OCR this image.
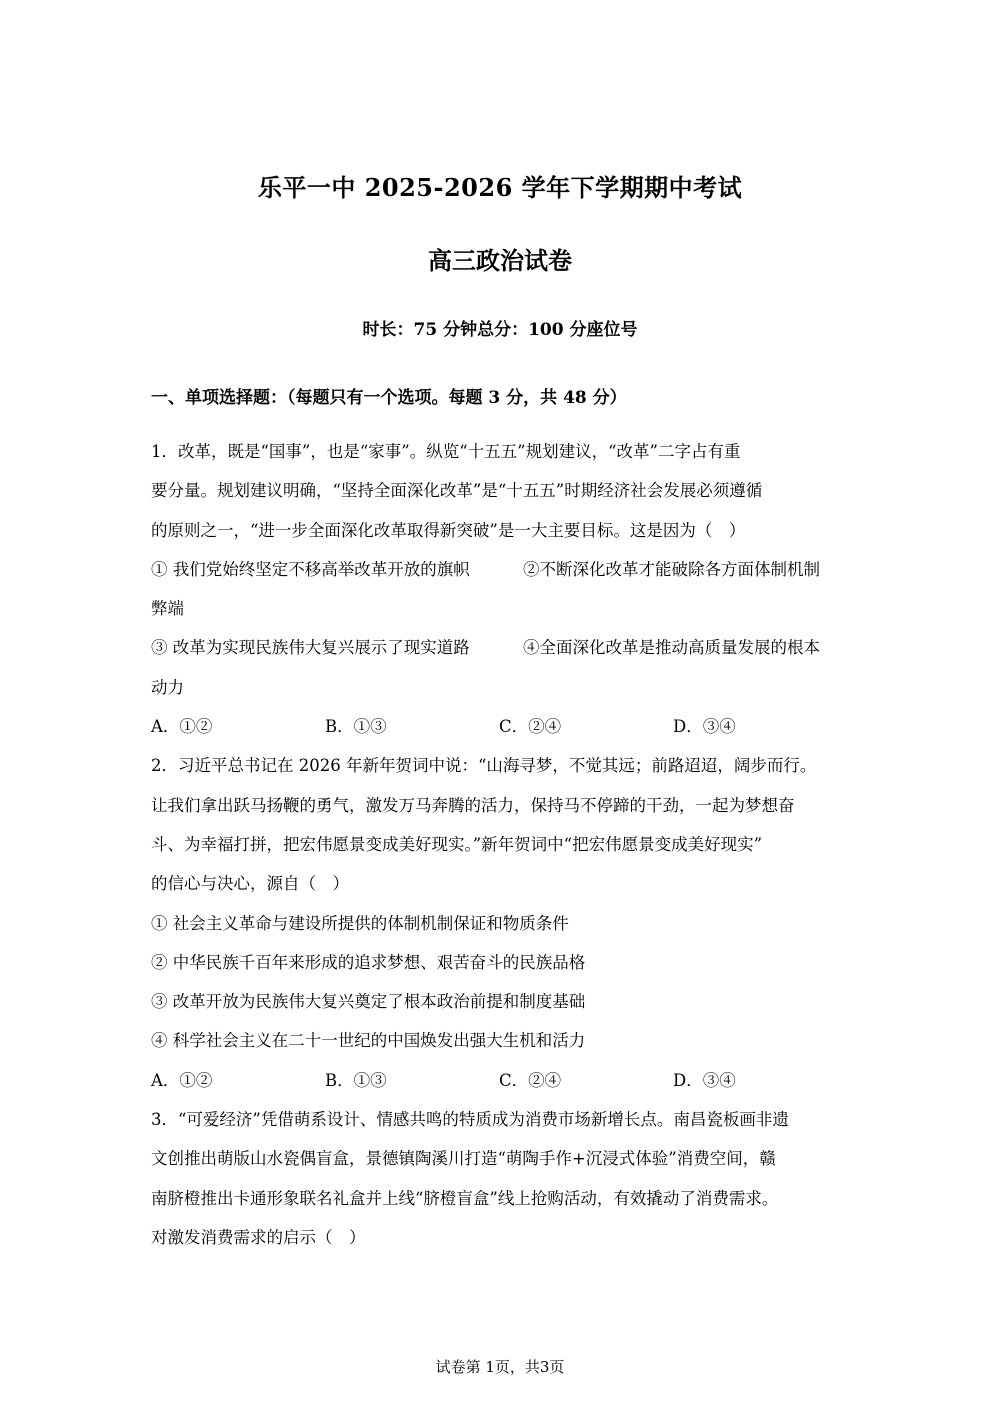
乐平一中 2025-2026 学年下学期期中考试
高三政治试卷
时长：75 分钟总分：100 分座位号
一、单项选择题：（每题只有一个选项。每题 3 分，共 48 分）

1．改革，既是“国事”，也是“家事”。纵览“十五五”规划建议，“改革”二字占有重

要分量。规划建议明确，“坚持全面深化改革”是“十五五”时期经济社会发展必须遵循

的原则之一，“进一步全面深化改革取得新突破”是一大主要目标。这是因为（　）

① 我们党始终坚定不移高举改革开放的旗帜	②不断深化改革才能破除各方面体制机制

弊端

③ 改革为实现民族伟大复兴展示了现实道路	④全面深化改革是推动高质量发展的根本

动力

A．①②	B．①③	C．②④	D．③④

2．习近平总书记在 2026 年新年贺词中说：“山海寻梦，不觉其远；前路迢迢，阔步而行。

让我们拿出跃马扬鞭的勇气，激发万马奔腾的活力，保持马不停蹄的干劲，一起为梦想奋

斗、为幸福打拼，把宏伟愿景变成美好现实。”新年贺词中“把宏伟愿景变成美好现实”

的信心与决心，源自（　）

① 社会主义革命与建设所提供的体制机制保证和物质条件

② 中华民族千百年来形成的追求梦想、艰苦奋斗的民族品格

③ 改革开放为民族伟大复兴奠定了根本政治前提和制度基础

④ 科学社会主义在二十一世纪的中国焕发出强大生机和活力

A．①②	B．①③	C．②④	D．③④

3．“可爱经济”凭借萌系设计、情感共鸣的特质成为消费市场新增长点。南昌瓷板画非遗

文创推出萌版山水瓷偶盲盒，景德镇陶溪川打造“萌陶手作+沉浸式体验”消费空间，赣

南脐橙推出卡通形象联名礼盒并上线“脐橙盲盒”线上抢购活动，有效撬动了消费需求。

对激发消费需求的启示（　）

试卷第 1页，共3页
